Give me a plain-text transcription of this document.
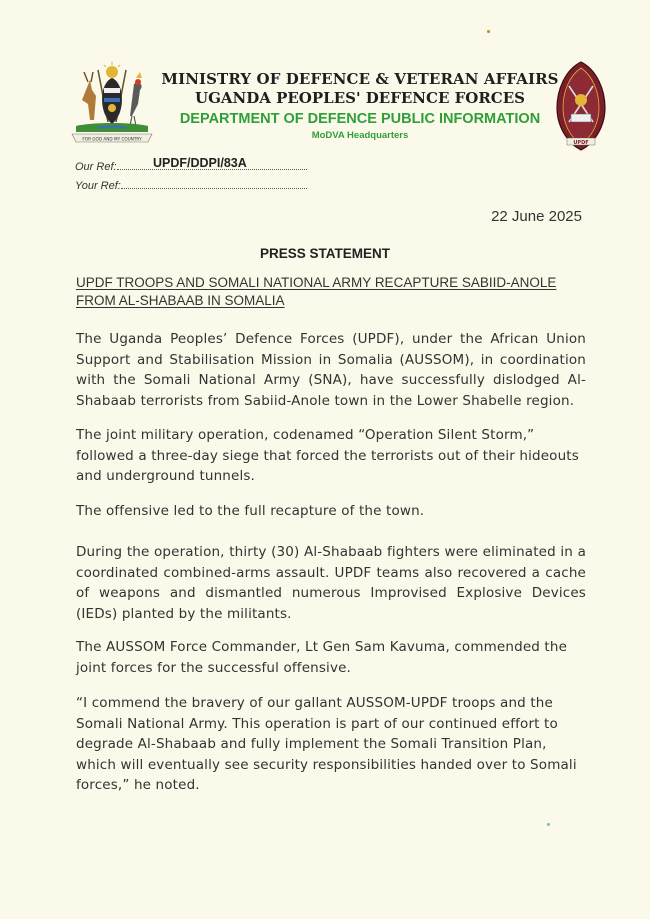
FOR GOD AND MY COUNTRY

MINISTRY OF DEFENCE & VETERAN AFFAIRS

UGANDA PEOPLES' DEFENCE FORCES

DEPARTMENT OF DEFENCE PUBLIC INFORMATION

MoDVA Headquarters

UPDF
Our Ref:	UPDF/DDPI/83A
Your Ref:
22 June 2025
PRESS STATEMENT
UPDF TROOPS AND SOMALI NATIONAL ARMY RECAPTURE SABIID-ANOLE FROM AL-SHABAAB IN SOMALIA

The Uganda Peoples’ Defence Forces (UPDF), under the African Union Support and Stabilisation Mission in Somalia (AUSSOM), in coordination with the Somali National Army (SNA), have successfully dislodged Al-Shabaab terrorists from Sabiid-Anole town in the Lower Shabelle region.

The joint military operation, codenamed “Operation Silent Storm,” followed a three-day siege that forced the terrorists out of their hideouts and underground tunnels.

The offensive led to the full recapture of the town.

During the operation, thirty (30) Al-Shabaab fighters were eliminated in a coordinated combined-arms assault. UPDF teams also recovered a cache of weapons and dismantled numerous Improvised Explosive Devices (IEDs) planted by the militants.

The AUSSOM Force Commander, Lt Gen Sam Kavuma, commended the joint forces for the successful offensive.

“I commend the bravery of our gallant AUSSOM-UPDF troops and the Somali National Army. This operation is part of our continued effort to degrade Al-Shabaab and fully implement the Somali Transition Plan, which will eventually see security responsibilities handed over to Somali forces,” he noted.
